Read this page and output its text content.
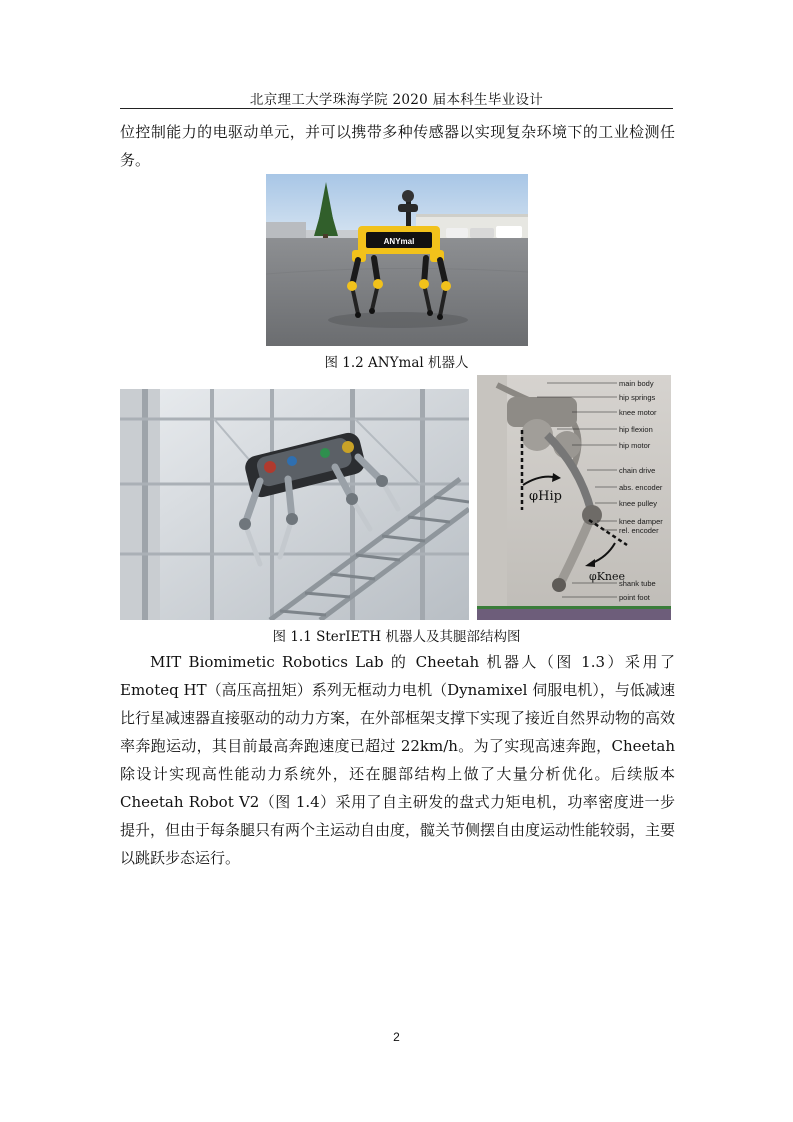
北京理工大学珠海学院 2020 届本科生毕业设计

位控制能力的电驱动单元，并可以携带多种传感器以实现复杂环境下的工业检测任务。

ANYmal
图 1.2 ANYmal 机器人
φHip
φKnee
main body
hip springs
knee motor
hip flexion
hip motor
chain drive
abs. encoder
knee pulley
knee damper
rel. encoder
shank tube
point foot
图 1.1 SterIETH 机器人及其腿部结构图

MIT Biomimetic Robotics Lab 的 Cheetah 机器人（图 1.3）采用了 Emoteq HT（高压高扭矩）系列无框动力电机（Dynamixel 伺服电机），与低减速比行星减速器直接驱动的动力方案，在外部框架支撑下实现了接近自然界动物的高效率奔跑运动，其目前最高奔跑速度已超过 22km/h。为了实现高速奔跑，Cheetah 除设计实现高性能动力系统外，还在腿部结构上做了大量分析优化。后续版本 Cheetah Robot V2（图 1.4）采用了自主研发的盘式力矩电机，功率密度进一步提升，但由于每条腿只有两个主运动自由度，髋关节侧摆自由度运动性能较弱，主要以跳跃步态运行。

2
